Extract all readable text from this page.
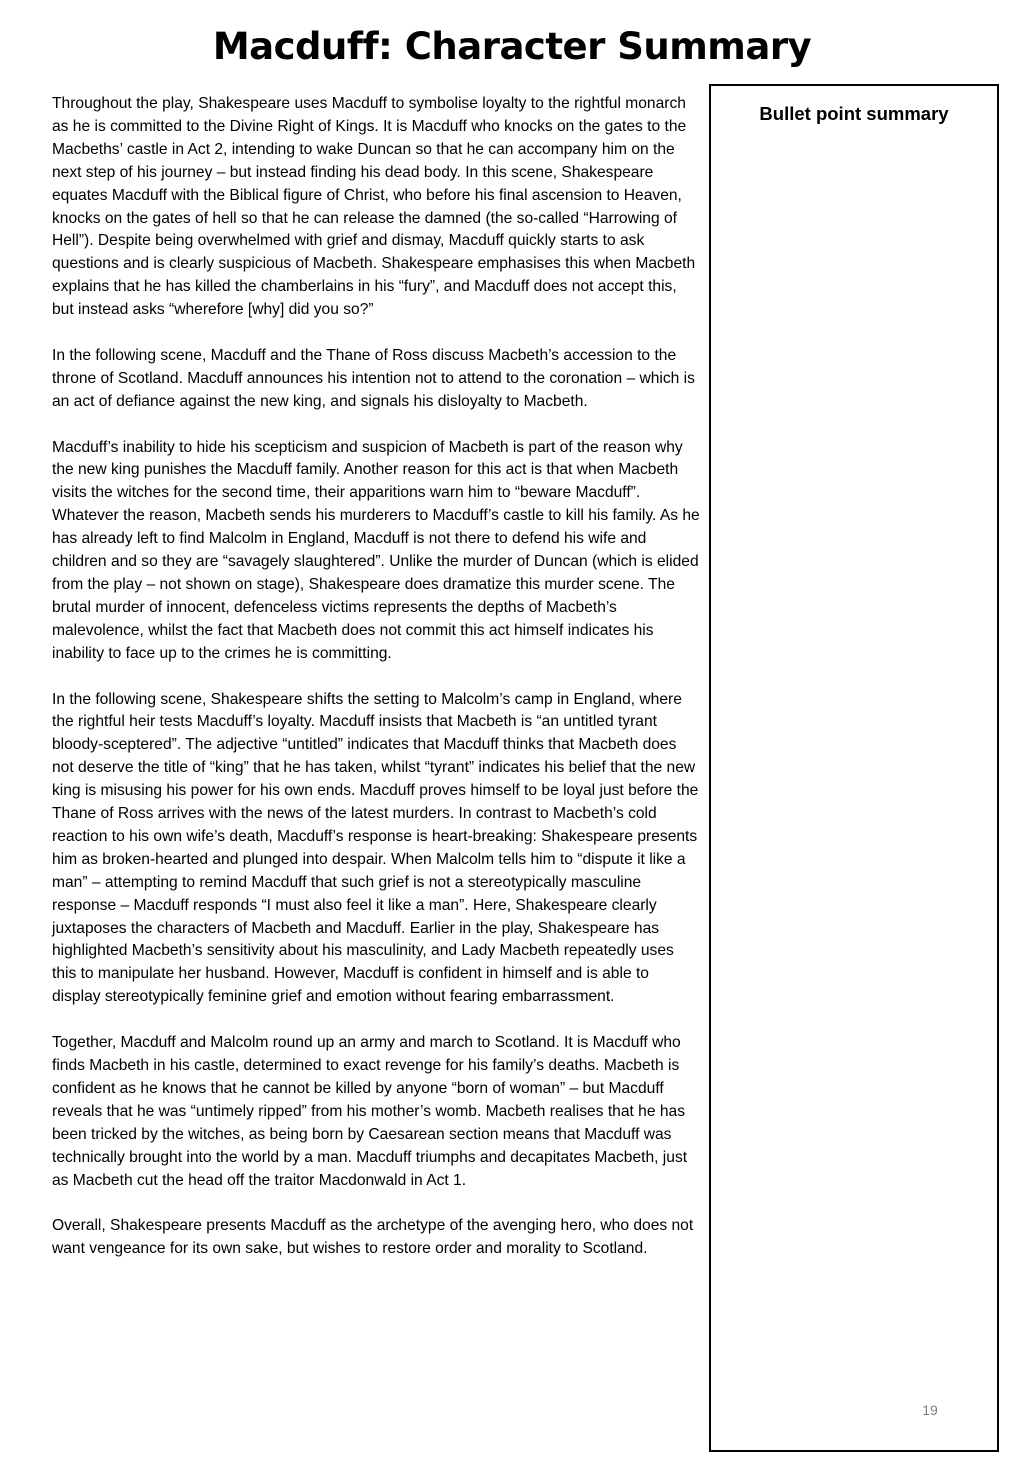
Macduff: Character Summary

Throughout the play, Shakespeare uses Macduff to symbolise loyalty to the rightful monarch as he is committed to the Divine Right of Kings. It is Macduff who knocks on the gates to the Macbeths’ castle in Act 2, intending to wake Duncan so that he can accompany him on the next step of his journey – but instead finding his dead body. In this scene, Shakespeare equates Macduff with the Biblical figure of Christ, who before his final ascension to Heaven, knocks on the gates of hell so that he can release the damned (the so-called “Harrowing of Hell”). Despite being overwhelmed with grief and dismay, Macduff quickly starts to ask questions and is clearly suspicious of Macbeth. Shakespeare emphasises this when Macbeth explains that he has killed the chamberlains in his “fury”, and Macduff does not accept this, but instead asks “wherefore [why] did you so?”

In the following scene, Macduff and the Thane of Ross discuss Macbeth’s accession to the throne of Scotland. Macduff announces his intention not to attend to the coronation – which is an act of defiance against the new king, and signals his disloyalty to Macbeth.

Macduff’s inability to hide his scepticism and suspicion of Macbeth is part of the reason why the new king punishes the Macduff family. Another reason for this act is that when Macbeth visits the witches for the second time, their apparitions warn him to “beware Macduff”. Whatever the reason, Macbeth sends his murderers to Macduff’s castle to kill his family. As he has already left to find Malcolm in England, Macduff is not there to defend his wife and children and so they are “savagely slaughtered”. Unlike the murder of Duncan (which is elided from the play – not shown on stage), Shakespeare does dramatize this murder scene. The brutal murder of innocent, defenceless victims represents the depths of Macbeth’s malevolence, whilst the fact that Macbeth does not commit this act himself indicates his inability to face up to the crimes he is committing.

In the following scene, Shakespeare shifts the setting to Malcolm’s camp in England, where the rightful heir tests Macduff’s loyalty. Macduff insists that Macbeth is “an untitled tyrant bloody-sceptered”. The adjective “untitled” indicates that Macduff thinks that Macbeth does not deserve the title of “king” that he has taken, whilst “tyrant” indicates his belief that the new king is misusing his power for his own ends. Macduff proves himself to be loyal just before the Thane of Ross arrives with the news of the latest murders. In contrast to Macbeth’s cold reaction to his own wife’s death, Macduff’s response is heart-breaking: Shakespeare presents him as broken-hearted and plunged into despair. When Malcolm tells him to “dispute it like a man” – attempting to remind Macduff that such grief is not a stereotypically masculine response – Macduff responds “I must also feel it like a man”. Here, Shakespeare clearly juxtaposes the characters of Macbeth and Macduff. Earlier in the play, Shakespeare has highlighted Macbeth’s sensitivity about his masculinity, and Lady Macbeth repeatedly uses this to manipulate her husband. However, Macduff is confident in himself and is able to display stereotypically feminine grief and emotion without fearing embarrassment.

Together, Macduff and Malcolm round up an army and march to Scotland. It is Macduff who finds Macbeth in his castle, determined to exact revenge for his family’s deaths. Macbeth is confident as he knows that he cannot be killed by anyone “born of woman” – but Macduff reveals that he was “untimely ripped” from his mother’s womb. Macbeth realises that he has been tricked by the witches, as being born by Caesarean section means that Macduff was technically brought into the world by a man. Macduff triumphs and decapitates Macbeth, just as Macbeth cut the head off the traitor Macdonwald in Act 1.

Overall, Shakespeare presents Macduff as the archetype of the avenging hero, who does not want vengeance for its own sake, but wishes to restore order and morality to Scotland.

Bullet point summary
19
